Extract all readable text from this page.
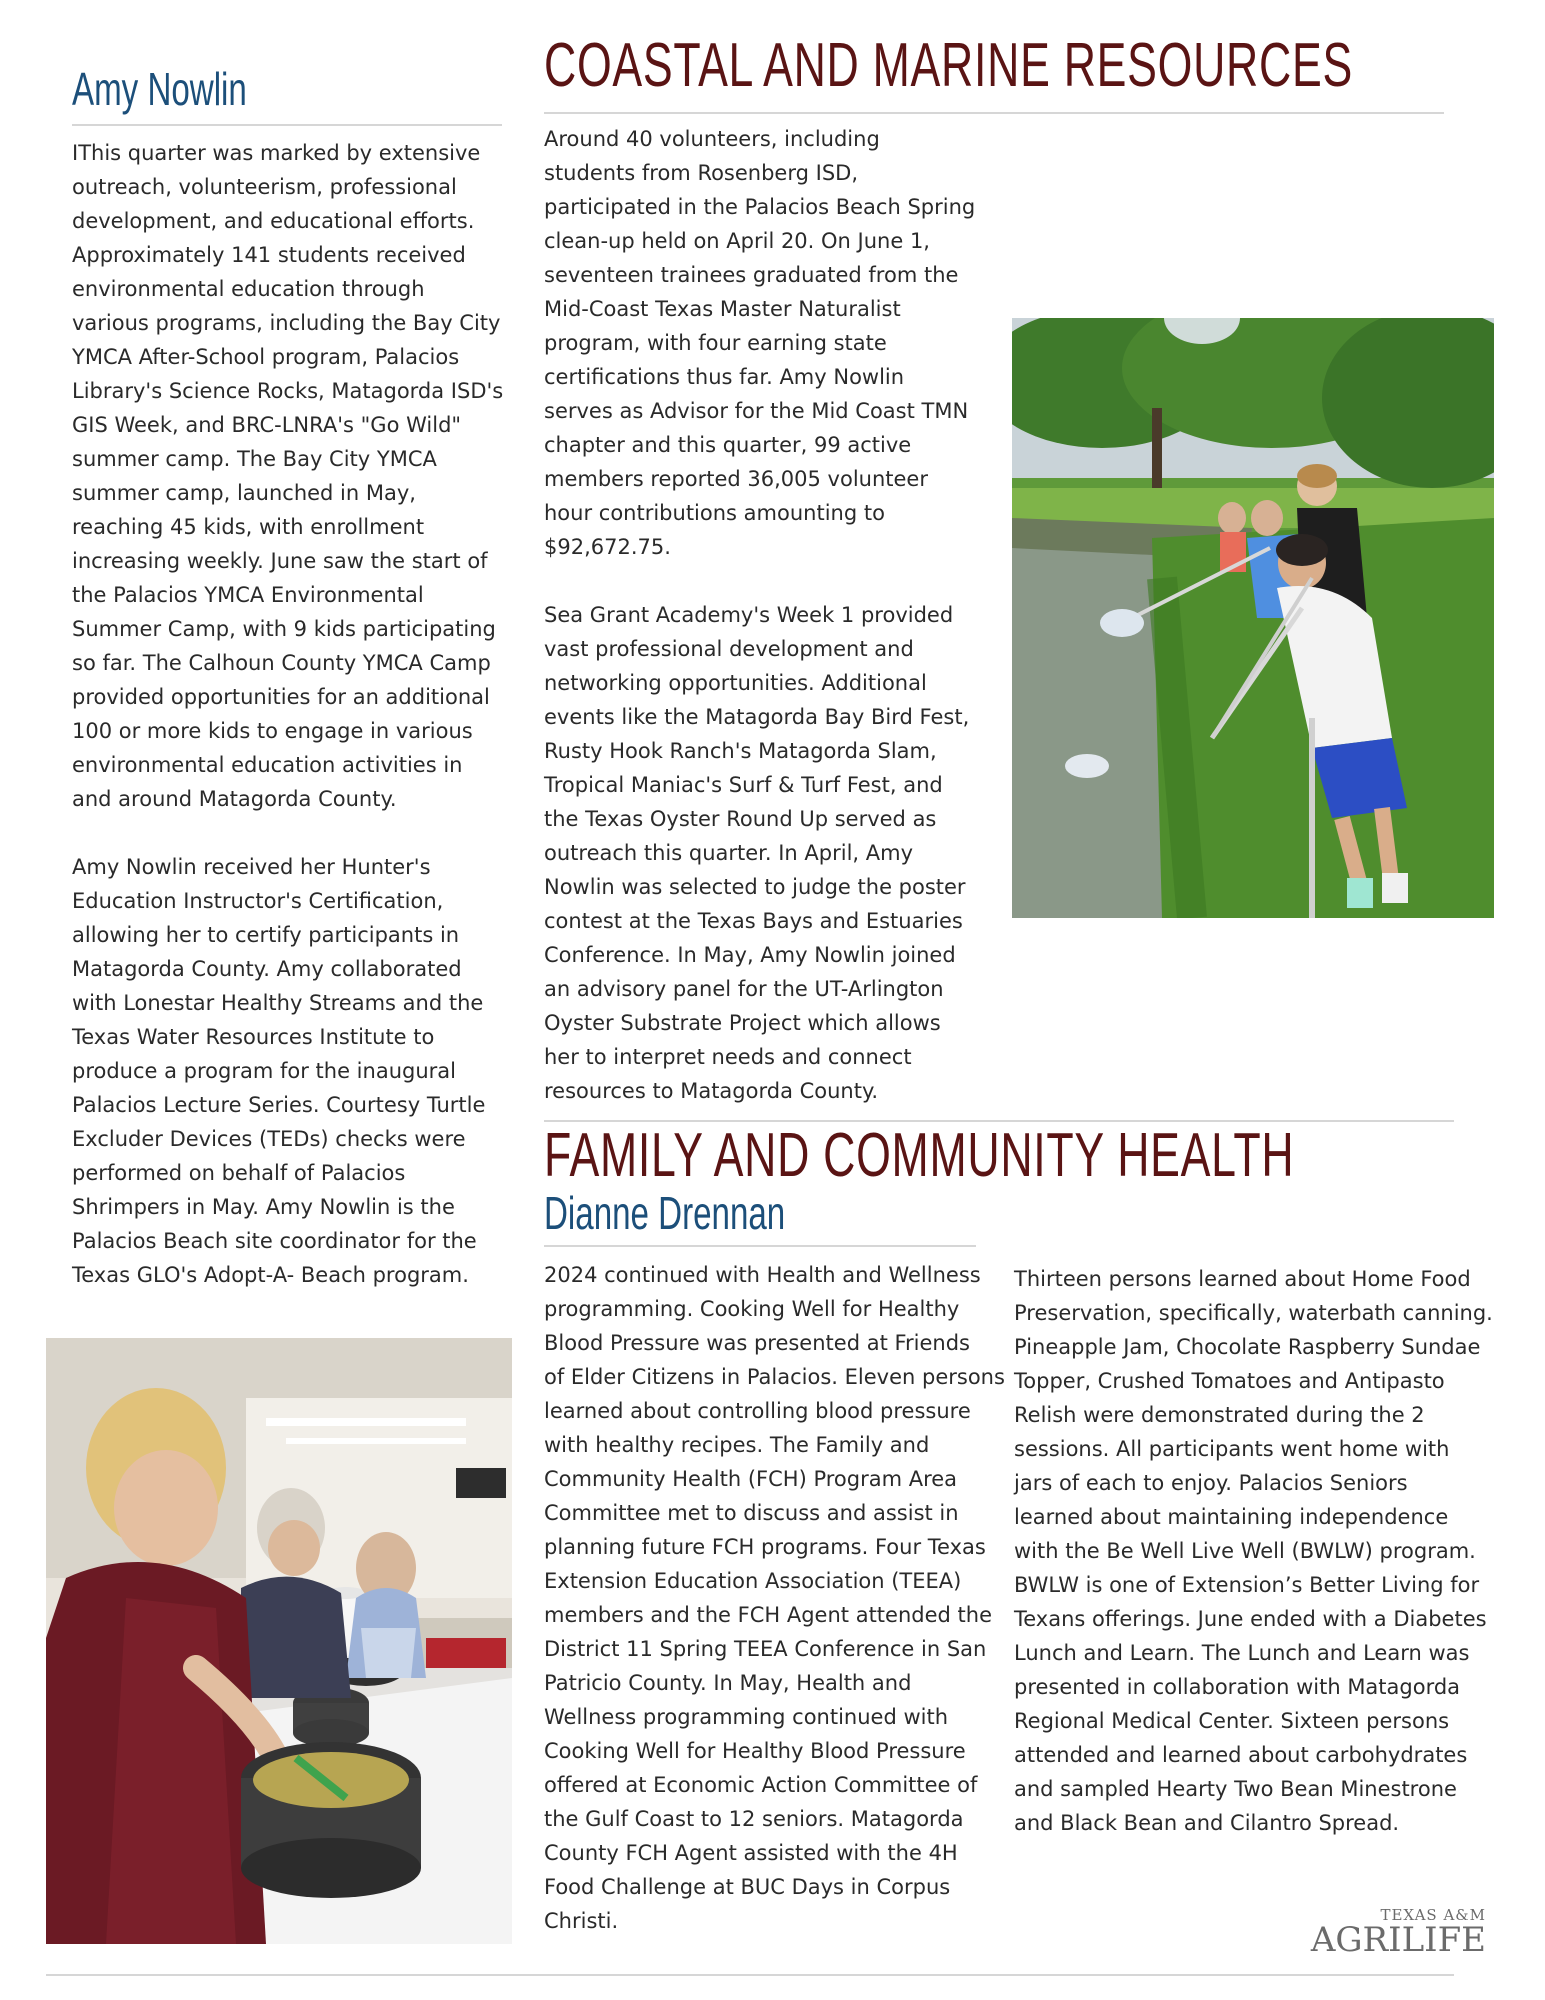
Amy Nowlin

IThis quarter was marked by extensive

outreach, volunteerism, professional

development, and educational efforts.

Approximately 141 students received

environmental education through

various programs, including the Bay City

YMCA After-School program, Palacios

Library's Science Rocks, Matagorda ISD's

GIS Week, and BRC-LNRA's "Go Wild"

summer camp. The Bay City YMCA

summer camp, launched in May,

reaching 45 kids, with enrollment

increasing weekly. June saw the start of

the Palacios YMCA Environmental

Summer Camp, with 9 kids participating

so far. The Calhoun County YMCA Camp

provided opportunities for an additional

100 or more kids to engage in various

environmental education activities in

and around Matagorda County.

Amy Nowlin received her Hunter's

Education Instructor's Certification,

allowing her to certify participants in

Matagorda County. Amy collaborated

with Lonestar Healthy Streams and the

Texas Water Resources Institute to

produce a program for the inaugural

Palacios Lecture Series. Courtesy Turtle

Excluder Devices (TEDs) checks were

performed on behalf of Palacios

Shrimpers in May. Amy Nowlin is the

Palacios Beach site coordinator for the

Texas GLO's Adopt-A- Beach program.

COASTAL AND MARINE RESOURCES

Around 40 volunteers, including

students from Rosenberg ISD,

participated in the Palacios Beach Spring

clean-up held on April 20. On June 1,

seventeen trainees graduated from the

Mid-Coast Texas Master Naturalist

program, with four earning state

certifications thus far. Amy Nowlin

serves as Advisor for the Mid Coast TMN

chapter and this quarter, 99 active

members reported 36,005 volunteer

hour contributions amounting to

$92,672.75.

Sea Grant Academy's Week 1 provided

vast professional development and

networking opportunities. Additional

events like the Matagorda Bay Bird Fest,

Rusty Hook Ranch's Matagorda Slam,

Tropical Maniac's Surf & Turf Fest, and

the Texas Oyster Round Up served as

outreach this quarter. In April, Amy

Nowlin was selected to judge the poster

contest at the Texas Bays and Estuaries

Conference. In May, Amy Nowlin joined

an advisory panel for the UT-Arlington

Oyster Substrate Project which allows

her to interpret needs and connect

resources to Matagorda County.

FAMILY AND COMMUNITY HEALTH
Dianne Drennan

2024 continued with Health and Wellness

programming. Cooking Well for Healthy

Blood Pressure was presented at Friends

of Elder Citizens in Palacios. Eleven persons

learned about controlling blood pressure

with healthy recipes. The Family and

Community Health (FCH) Program Area

Committee met to discuss and assist in

planning future FCH programs. Four Texas

Extension Education Association (TEEA)

members and the FCH Agent attended the

District 11 Spring TEEA Conference in San

Patricio County. In May, Health and

Wellness programming continued with

Cooking Well for Healthy Blood Pressure

offered at Economic Action Committee of

the Gulf Coast to 12 seniors. Matagorda

County FCH Agent assisted with the 4H

Food Challenge at BUC Days in Corpus

Christi.

Thirteen persons learned about Home Food

Preservation, specifically, waterbath canning.

Pineapple Jam, Chocolate Raspberry Sundae

Topper, Crushed Tomatoes and Antipasto

Relish were demonstrated during the 2

sessions. All participants went home with

jars of each to enjoy. Palacios Seniors

learned about maintaining independence

with the Be Well Live Well (BWLW) program.

BWLW is one of Extension’s Better Living for

Texans offerings. June ended with a Diabetes

Lunch and Learn. The Lunch and Learn was

presented in collaboration with Matagorda

Regional Medical Center. Sixteen persons

attended and learned about carbohydrates

and sampled Hearty Two Bean Minestrone

and Black Bean and Cilantro Spread.

TEXAS A&M
AGRILIFE
